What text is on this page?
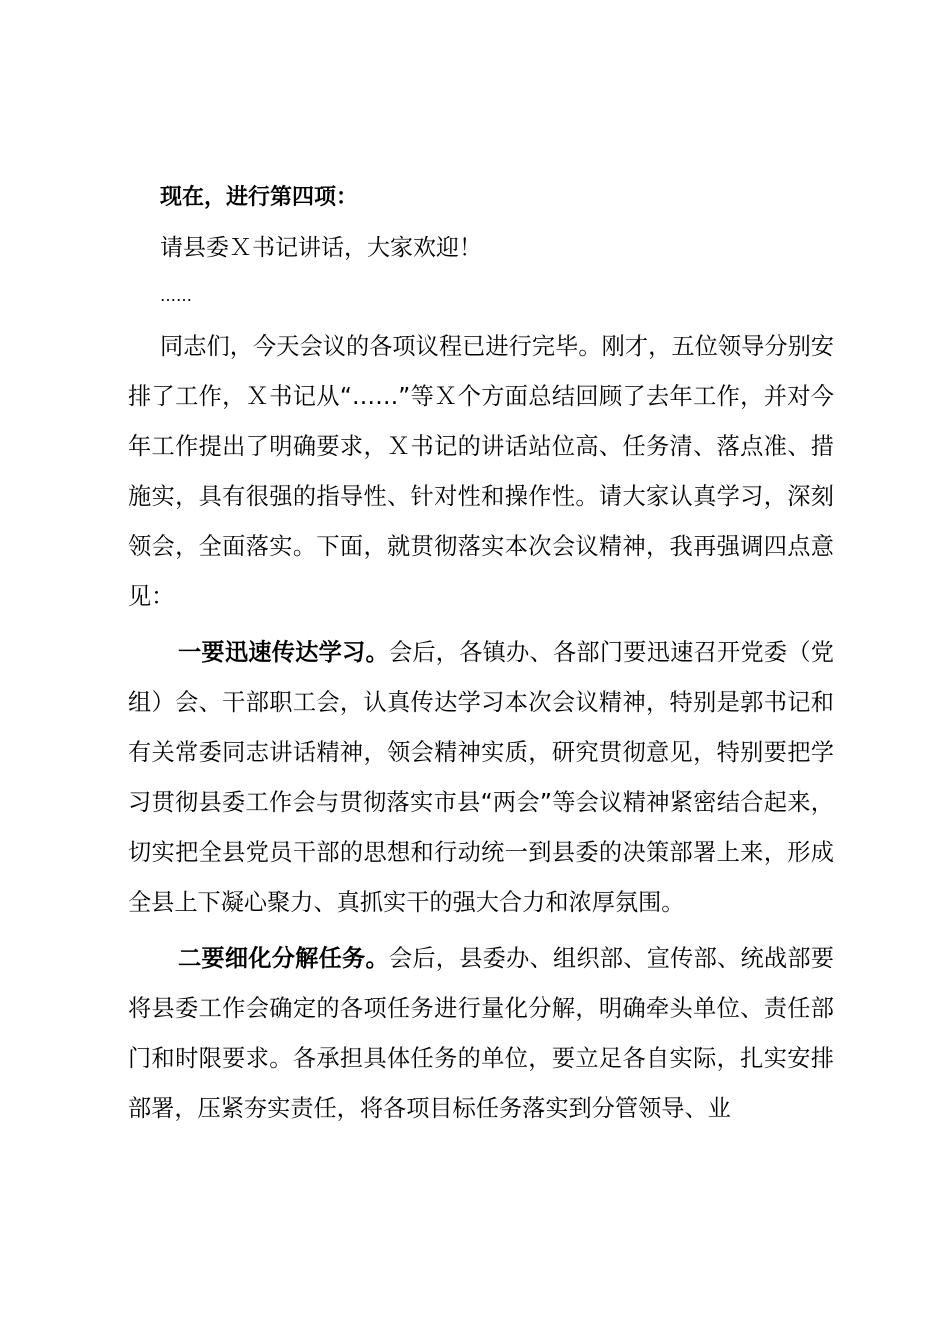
现在，进行第四项：

请县委Ｘ书记讲话，大家欢迎！

……

同志们，今天会议的各项议程已进行完毕。刚才，五位领导分别安排了工作，Ｘ书记从“……”等Ｘ个方面总结回顾了去年工作，并对今年工作提出了明确要求，Ｘ书记的讲话站位高、任务清、落点准、措施实，具有很强的指导性、针对性和操作性。请大家认真学习，深刻领会，全面落实。下面，就贯彻落实本次会议精神，我再强调四点意见：

一要迅速传达学习。会后，各镇办、各部门要迅速召开党委（党组）会、干部职工会，认真传达学习本次会议精神，特别是郭书记和有关常委同志讲话精神，领会精神实质，研究贯彻意见，特别要把学习贯彻县委工作会与贯彻落实市县“两会”等会议精神紧密结合起来，切实把全县党员干部的思想和行动统一到县委的决策部署上来，形成全县上下凝心聚力、真抓实干的强大合力和浓厚氛围。

二要细化分解任务。会后，县委办、组织部、宣传部、统战部要将县委工作会确定的各项任务进行量化分解，明确牵头单位、责任部门和时限要求。各承担具体任务的单位，要立足各自实际，扎实安排部署，压紧夯实责任，将各项目标任务落实到分管领导、业
